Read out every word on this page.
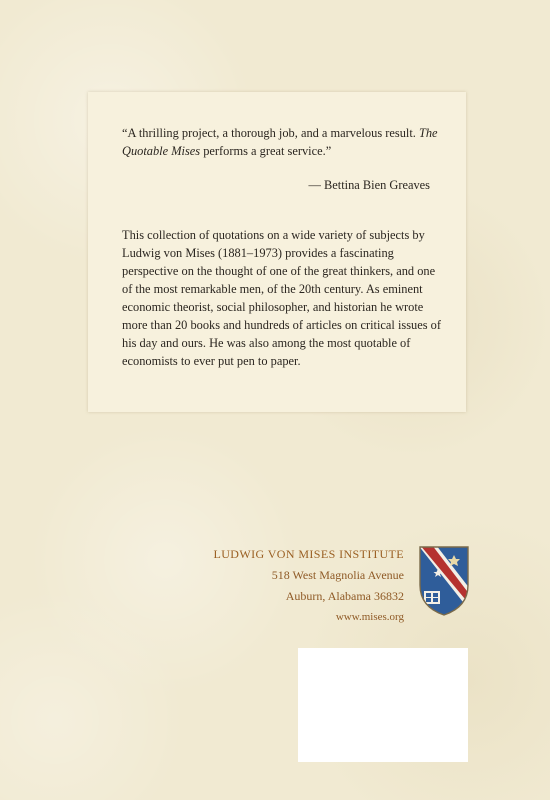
“A thrilling project, a thorough job, and a marvelous result. The Quotable Mises performs a great service.”

— Bettina Bien Greaves

This collection of quotations on a wide variety of subjects by Ludwig von Mises (1881–1973) provides a fascinating perspective on the thought of one of the great thinkers, and one of the most remarkable men, of the 20th century. As eminent economic theorist, social philosopher, and historian he wrote more than 20 books and hundreds of articles on critical issues of his day and ours. He was also among the most quotable of economists to ever put pen to paper.

LUDWIG VON MISES INSTITUTE
518 West Magnolia Avenue
Auburn, Alabama 36832
www.mises.org
